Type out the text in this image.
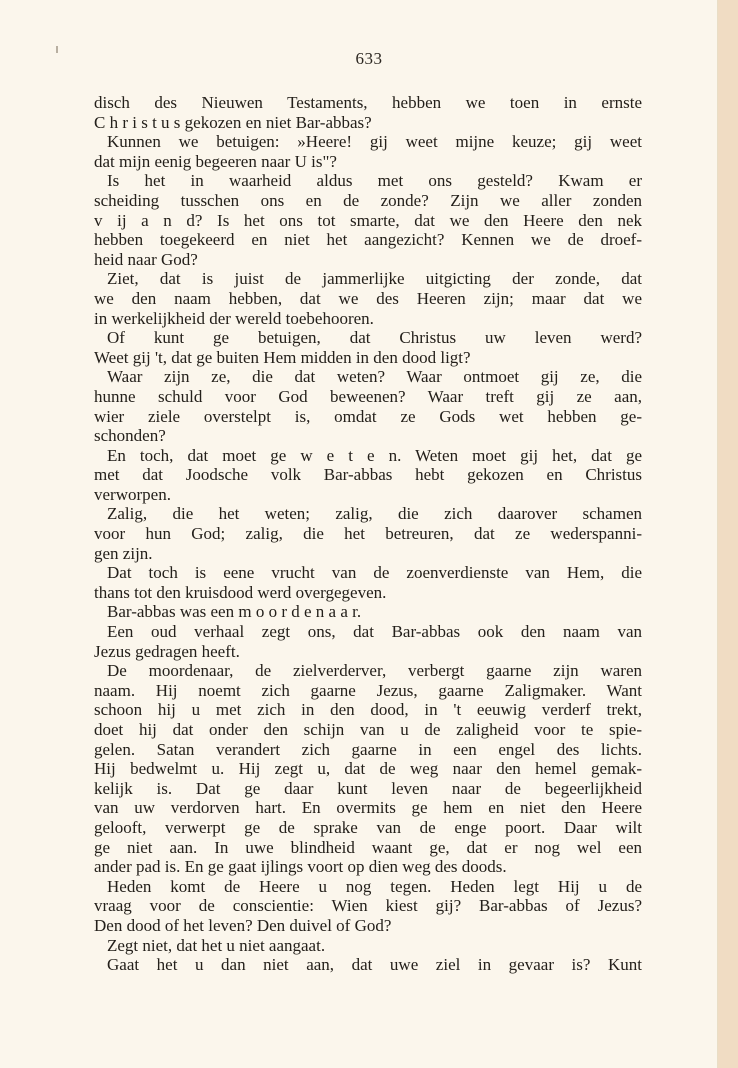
633
disch des Nieuwen Testaments, hebben we toen in ernste
C h r i s t u s gekozen en niet Bar-abbas?
Kunnen we betuigen: »Heere! gij weet mijne keuze; gij weet
dat mijn eenig begeeren naar U is"?
Is het in waarheid aldus met ons gesteld? Kwam er
scheiding tusschen ons en de zonde? Zijn we aller zonden
v ij a n d? Is het ons tot smarte, dat we den Heere den nek
hebben toegekeerd en niet het aangezicht? Kennen we de droef-
heid naar God?
Ziet, dat is juist de jammerlijke uitgicting der zonde, dat
we den naam hebben, dat we des Heeren zijn; maar dat we
in werkelijkheid der wereld toebehooren.
Of kunt ge betuigen, dat Christus uw leven werd?
Weet gij 't, dat ge buiten Hem midden in den dood ligt?
Waar zijn ze, die dat weten? Waar ontmoet gij ze, die
hunne schuld voor God beweenen? Waar treft gij ze aan,
wier ziele overstelpt is, omdat ze Gods wet hebben ge-
schonden?
En toch, dat moet ge w e t e n. Weten moet gij het, dat ge
met dat Joodsche volk Bar-abbas hebt gekozen en Christus
verworpen.
Zalig, die het weten; zalig, die zich daarover schamen
voor hun God; zalig, die het betreuren, dat ze wederspanni-
gen zijn.
Dat toch is eene vrucht van de zoenverdienste van Hem, die
thans tot den kruisdood werd overgegeven.
Bar-abbas was een m o o r d e n a a r.
Een oud verhaal zegt ons, dat Bar-abbas ook den naam van
Jezus gedragen heeft.
De moordenaar, de zielverderver, verbergt gaarne zijn waren
naam. Hij noemt zich gaarne Jezus, gaarne Zaligmaker. Want
schoon hij u met zich in den dood, in 't eeuwig verderf trekt,
doet hij dat onder den schijn van u de zaligheid voor te spie-
gelen. Satan verandert zich gaarne in een engel des lichts.
Hij bedwelmt u. Hij zegt u, dat de weg naar den hemel gemak-
kelijk is. Dat ge daar kunt leven naar de begeerlijkheid
van uw verdorven hart. En overmits ge hem en niet den Heere
gelooft, verwerpt ge de sprake van de enge poort. Daar wilt
ge niet aan. In uwe blindheid waant ge, dat er nog wel een
ander pad is. En ge gaat ijlings voort op dien weg des doods.
Heden komt de Heere u nog tegen. Heden legt Hij u de
vraag voor de conscientie: Wien kiest gij? Bar-abbas of Jezus?
Den dood of het leven? Den duivel of God?
Zegt niet, dat het u niet aangaat.
Gaat het u dan niet aan, dat uwe ziel in gevaar is? Kunt
